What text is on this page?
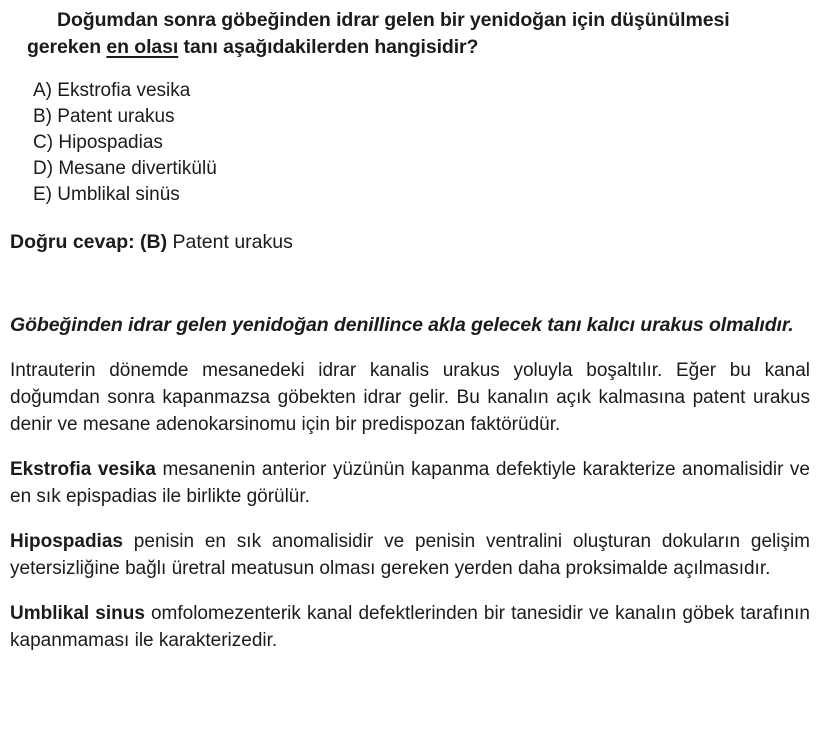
Doğumdan sonra göbeğinden idrar gelen bir yenidoğan için düşünülmesi gereken en olası tanı aşağıdakilerden hangisidir?

A) Ekstrofia vesika
B) Patent urakus
C) Hipospadias
D) Mesane divertikülü
E) Umblikal sinüs

Doğru cevap: (B) Patent urakus

Göbeğinden idrar gelen yenidoğan denillince akla gelecek tanı kalıcı urakus olmalıdır.

Intrauterin dönemde mesanedeki idrar kanalis urakus yoluyla boşaltılır. Eğer bu kanal doğumdan sonra kapanmazsa göbekten idrar gelir. Bu kanalın açık kalmasına patent urakus denir ve mesane adenokarsinomu için bir predispozan faktörüdür.

Ekstrofia vesika mesanenin anterior yüzünün kapanma defektiyle karakterize anomalisidir ve en sık epispadias ile birlikte görülür.

Hipospadias penisin en sık anomalisidir ve penisin ventralini oluşturan dokuların gelişim yetersizliğine bağlı üretral meatusun olması gereken yerden daha proksimalde açılmasıdır.

Umblikal sinus omfolomezenterik kanal defektlerinden bir tanesidir ve kanalın göbek tarafının kapanmaması ile karakterizedir.
